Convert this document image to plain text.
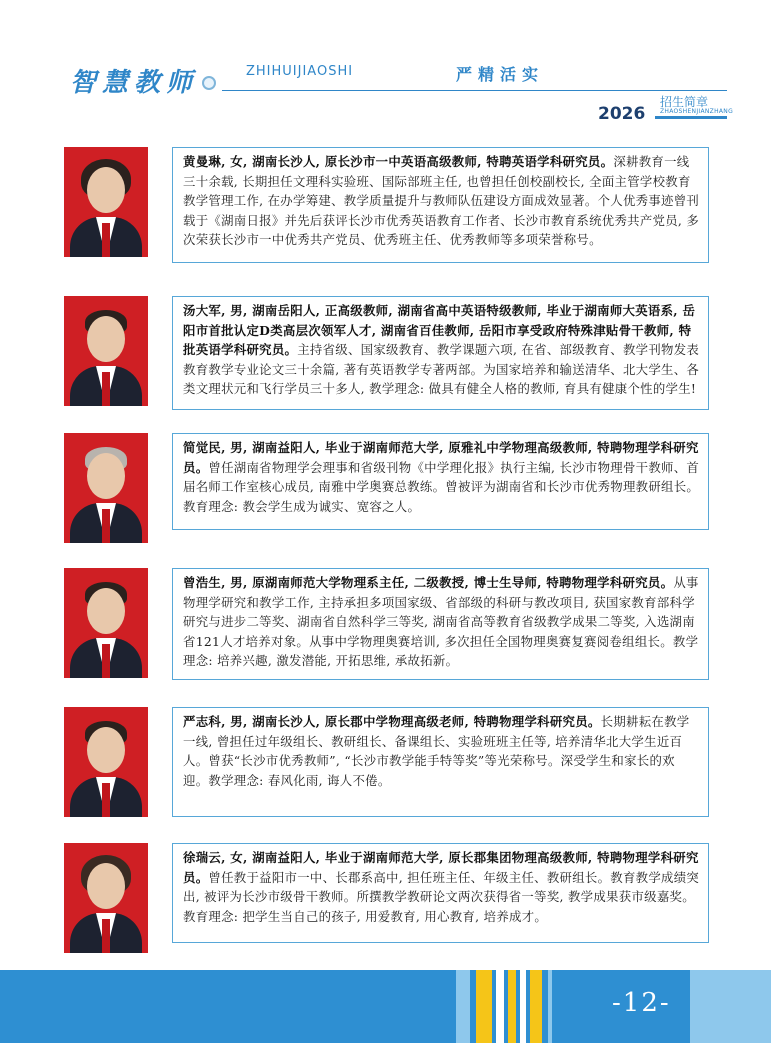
智慧教师	ZHIHUIJIAOSHI	严精活实
2026
招生简章
ZHAOSHENJIANZHANG
黄曼琳, 女, 湖南长沙人, 原长沙市一中英语高级教师, 特聘英语学科研究员。深耕教育一线三十余载, 长期担任文理科实验班、国际部班主任, 也曾担任创校副校长, 全面主管学校教育教学管理工作, 在办学筹建、教学质量提升与教师队伍建设方面成效显著。个人优秀事迹曾刊载于《湖南日报》并先后获评长沙市优秀英语教育工作者、长沙市教育系统优秀共产党员, 多次荣获长沙市一中优秀共产党员、优秀班主任、优秀教师等多项荣誉称号。
汤大军, 男, 湖南岳阳人, 正高级教师, 湖南省高中英语特级教师, 毕业于湖南师大英语系, 岳阳市首批认定D类高层次领军人才, 湖南省百佳教师, 岳阳市享受政府特殊津贴骨干教师, 特批英语学科研究员。主持省级、国家级教育、教学课题六项, 在省、部级教育、教学刊物发表教育教学专业论文三十余篇, 著有英语教学专著两部。为国家培养和输送清华、北大学生、各类文理状元和飞行学员三十多人, 教学理念: 做具有健全人格的教师, 育具有健康个性的学生!
简觉民, 男, 湖南益阳人, 毕业于湖南师范大学, 原雅礼中学物理高级教师, 特聘物理学科研究员。曾任湖南省物理学会理事和省级刊物《中学理化报》执行主编, 长沙市物理骨干教师、首届名师工作室核心成员, 南雅中学奥赛总教练。曾被评为湖南省和长沙市优秀物理教研组长。教育理念: 教会学生成为诚实、宽容之人。
曾浩生, 男, 原湖南师范大学物理系主任, 二级教授, 博士生导师, 特聘物理学科研究员。从事物理学研究和教学工作, 主持承担多项国家级、省部级的科研与教改项目, 获国家教育部科学研究与进步二等奖、湖南省自然科学三等奖, 湖南省高等教育省级教学成果二等奖, 入选湖南省121人才培养对象。从事中学物理奥赛培训, 多次担任全国物理奥赛复赛阅卷组组长。教学理念: 培养兴趣, 激发潜能, 开拓思维, 承故拓新。
严志科, 男, 湖南长沙人, 原长郡中学物理高级老师, 特聘物理学科研究员。长期耕耘在教学一线, 曾担任过年级组长、教研组长、备课组长、实验班班主任等, 培养清华北大学生近百人。曾获“长沙市优秀教师”, “长沙市教学能手特等奖”等光荣称号。深受学生和家长的欢迎。教学理念: 春风化雨, 诲人不倦。
徐瑞云, 女, 湖南益阳人, 毕业于湖南师范大学, 原长郡集团物理高级教师, 特聘物理学科研究员。曾任教于益阳市一中、长郡系高中, 担任班主任、年级主任、教研组长。教育教学成绩突出, 被评为长沙市级骨干教师。所撰教学教研论文两次获得省一等奖, 教学成果获市级嘉奖。教育理念: 把学生当自己的孩子, 用爱教育, 用心教育, 培养成才。
-12-
